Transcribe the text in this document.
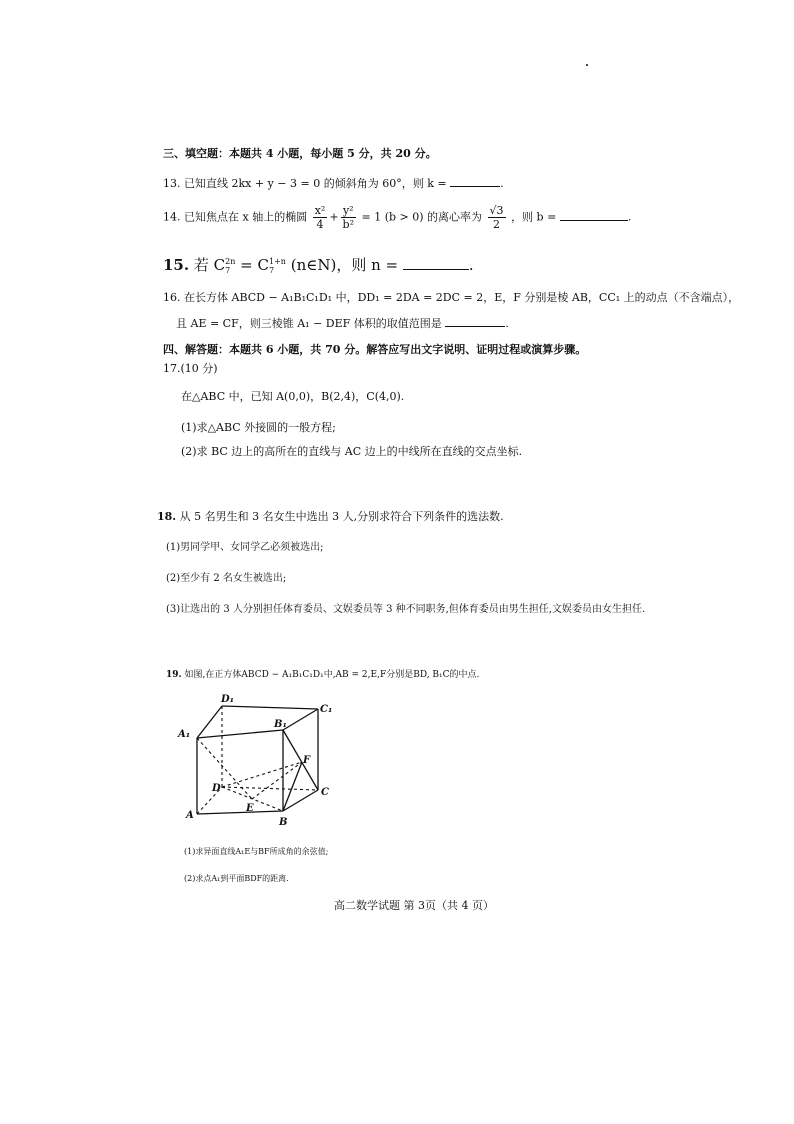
三、填空题：本题共 4 小题，每小题 5 分，共 20 分。
13. 已知直线 2kx + y − 3 = 0 的倾斜角为 60°，则 k =	.
14. 已知焦点在 x 轴上的椭圆 $\frac{\text{x²}}{4} + \frac{\text{y²}}{\text{b²}} = 1$ (b > 0) 的离心率为 $\frac{√3}{2}$ ，则 b =	.
15. 若 C 2n
7 = C 1+n
7	(n∈N)，则 n =	.
16. 在长方体 ABCD − A₁B₁C₁D₁ 中，DD₁ = 2DA = 2DC = 2，E，F 分别是棱 AB，CC₁ 上的动点（不含端点），
且 AE = CF，则三棱锥 A₁ − DEF 体积的取值范围是	.
四、解答题：本题共 6 小题，共 70 分。解答应写出文字说明、证明过程或演算步骤。
17.(10 分)
在△ABC 中，已知 A(0,0)，B(2,4)，C(4,0).
(1)求△ABC 外接圆的一般方程;
(2)求 BC 边上的高所在的直线与 AC 边上的中线所在直线的交点坐标.
18. 从 5 名男生和 3 名女生中选出 3 人,分别求符合下列条件的选法数.
(1)男同学甲、女同学乙必须被选出;
(2)至少有 2 名女生被选出;
(3)让选出的 3 人分别担任体育委员、文娱委员等 3 种不同职务,但体育委员由男生担任,文娱委员由女生担任.
19. 如图,在正方体ABCD − A₁B₁C₁D₁中,AB = 2,E,F分别是BD, B₁C的中点.
D₁
C₁
A₁
B₁
F
D	C
E
A
B
(1)求异面直线A₁E与BF所成角的余弦值;
(2)求点A₁到平面BDF的距离.
高二数学试题 第 3页（共 4 页）
